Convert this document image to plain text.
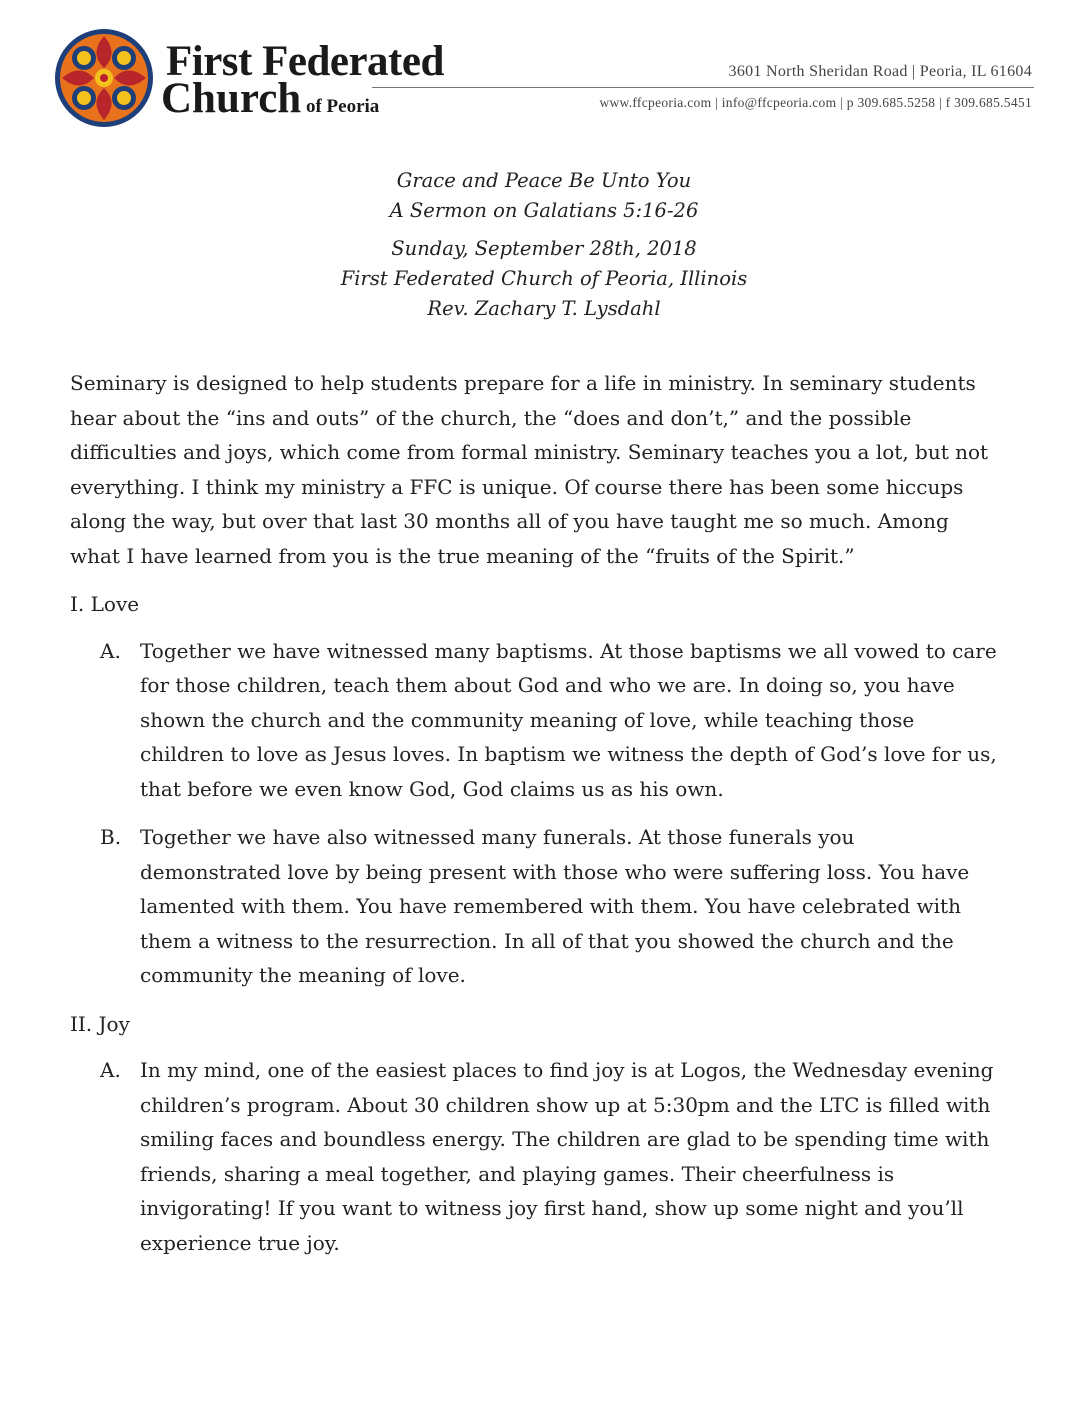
First Federated
Church of Peoria
3601 North Sheridan Road | Peoria, IL 61604
www.ffcpeoria.com | info@ffcpeoria.com | p 309.685.5258 | f 309.685.5451
Grace and Peace Be Unto You
A Sermon on Galatians 5:16-26
Sunday, September 28th, 2018
First Federated Church of Peoria, Illinois
Rev. Zachary T. Lysdahl

Seminary is designed to help students prepare for a life in ministry. In seminary students hear about the “ins and outs” of the church, the “does and don’t,” and the possible difficulties and joys, which come from formal ministry. Seminary teaches you a lot, but not everything. I think my ministry a FFC is unique. Of course there has been some hiccups along the way, but over that last 30 months all of you have taught me so much. Among what I have learned from you is the true meaning of the “fruits of the Spirit.”

I. Love
A. Together we have witnessed many baptisms. At those baptisms we all vowed to care for those children, teach them about God and who we are. In doing so, you have shown the church and the community meaning of love, while teaching those children to love as Jesus loves. In baptism we witness the depth of God’s love for us, that before we even know God, God claims us as his own.
B. Together we have also witnessed many funerals. At those funerals you demonstrated love by being present with those who were suffering loss. You have lamented with them. You have remembered with them. You have celebrated with them a witness to the resurrection. In all of that you showed the church and the community the meaning of love.
II. Joy
A. In my mind, one of the easiest places to find joy is at Logos, the Wednesday evening children’s program. About 30 children show up at 5:30pm and the LTC is filled with smiling faces and boundless energy. The children are glad to be spending time with friends, sharing a meal together, and playing games. Their cheerfulness is invigorating! If you want to witness joy first hand, show up some night and you’ll experience true joy.
